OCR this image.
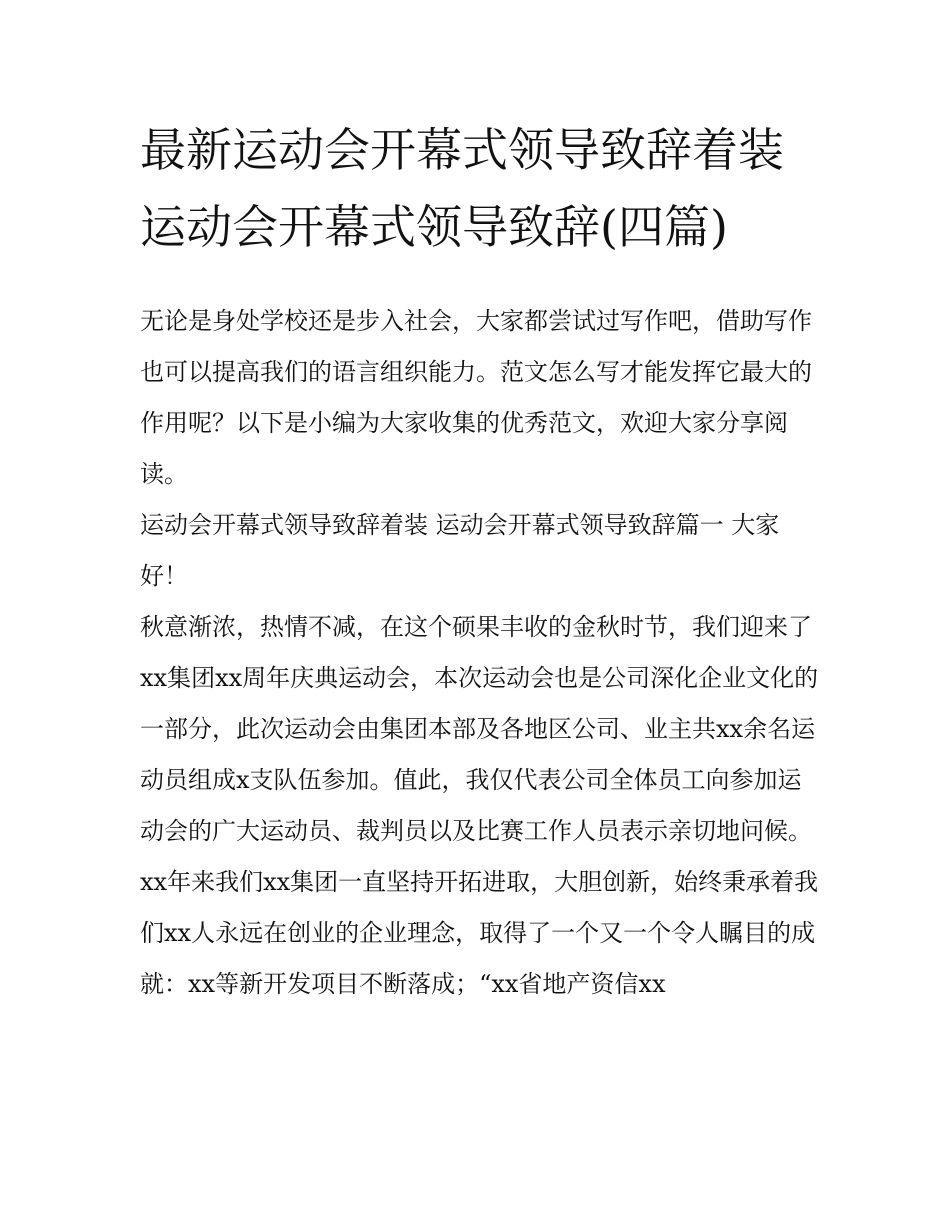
最新运动会开幕式领导致辞着装 运动会开幕式领导致辞(四篇)

无论是身处学校还是步入社会，大家都尝试过写作吧，借助写作也可以提高我们的语言组织能力。范文怎么写才能发挥它最大的作用呢？以下是小编为大家收集的优秀范文，欢迎大家分享阅读。

运动会开幕式领导致辞着装 运动会开幕式领导致辞篇一 大家好！

秋意渐浓，热情不减，在这个硕果丰收的金秋时节，我们迎来了xx集团xx周年庆典运动会，本次运动会也是公司深化企业文化的一部分，此次运动会由集团本部及各地区公司、业主共xx余名运动员组成x支队伍参加。值此，我仅代表公司全体员工向参加运动会的广大运动员、裁判员以及比赛工作人员表示亲切地问候。

xx年来我们xx集团一直坚持开拓进取，大胆创新，始终秉承着我们xx人永远在创业的企业理念，取得了一个又一个令人瞩目的成就：xx等新开发项目不断落成；“xx省地产资信xx
